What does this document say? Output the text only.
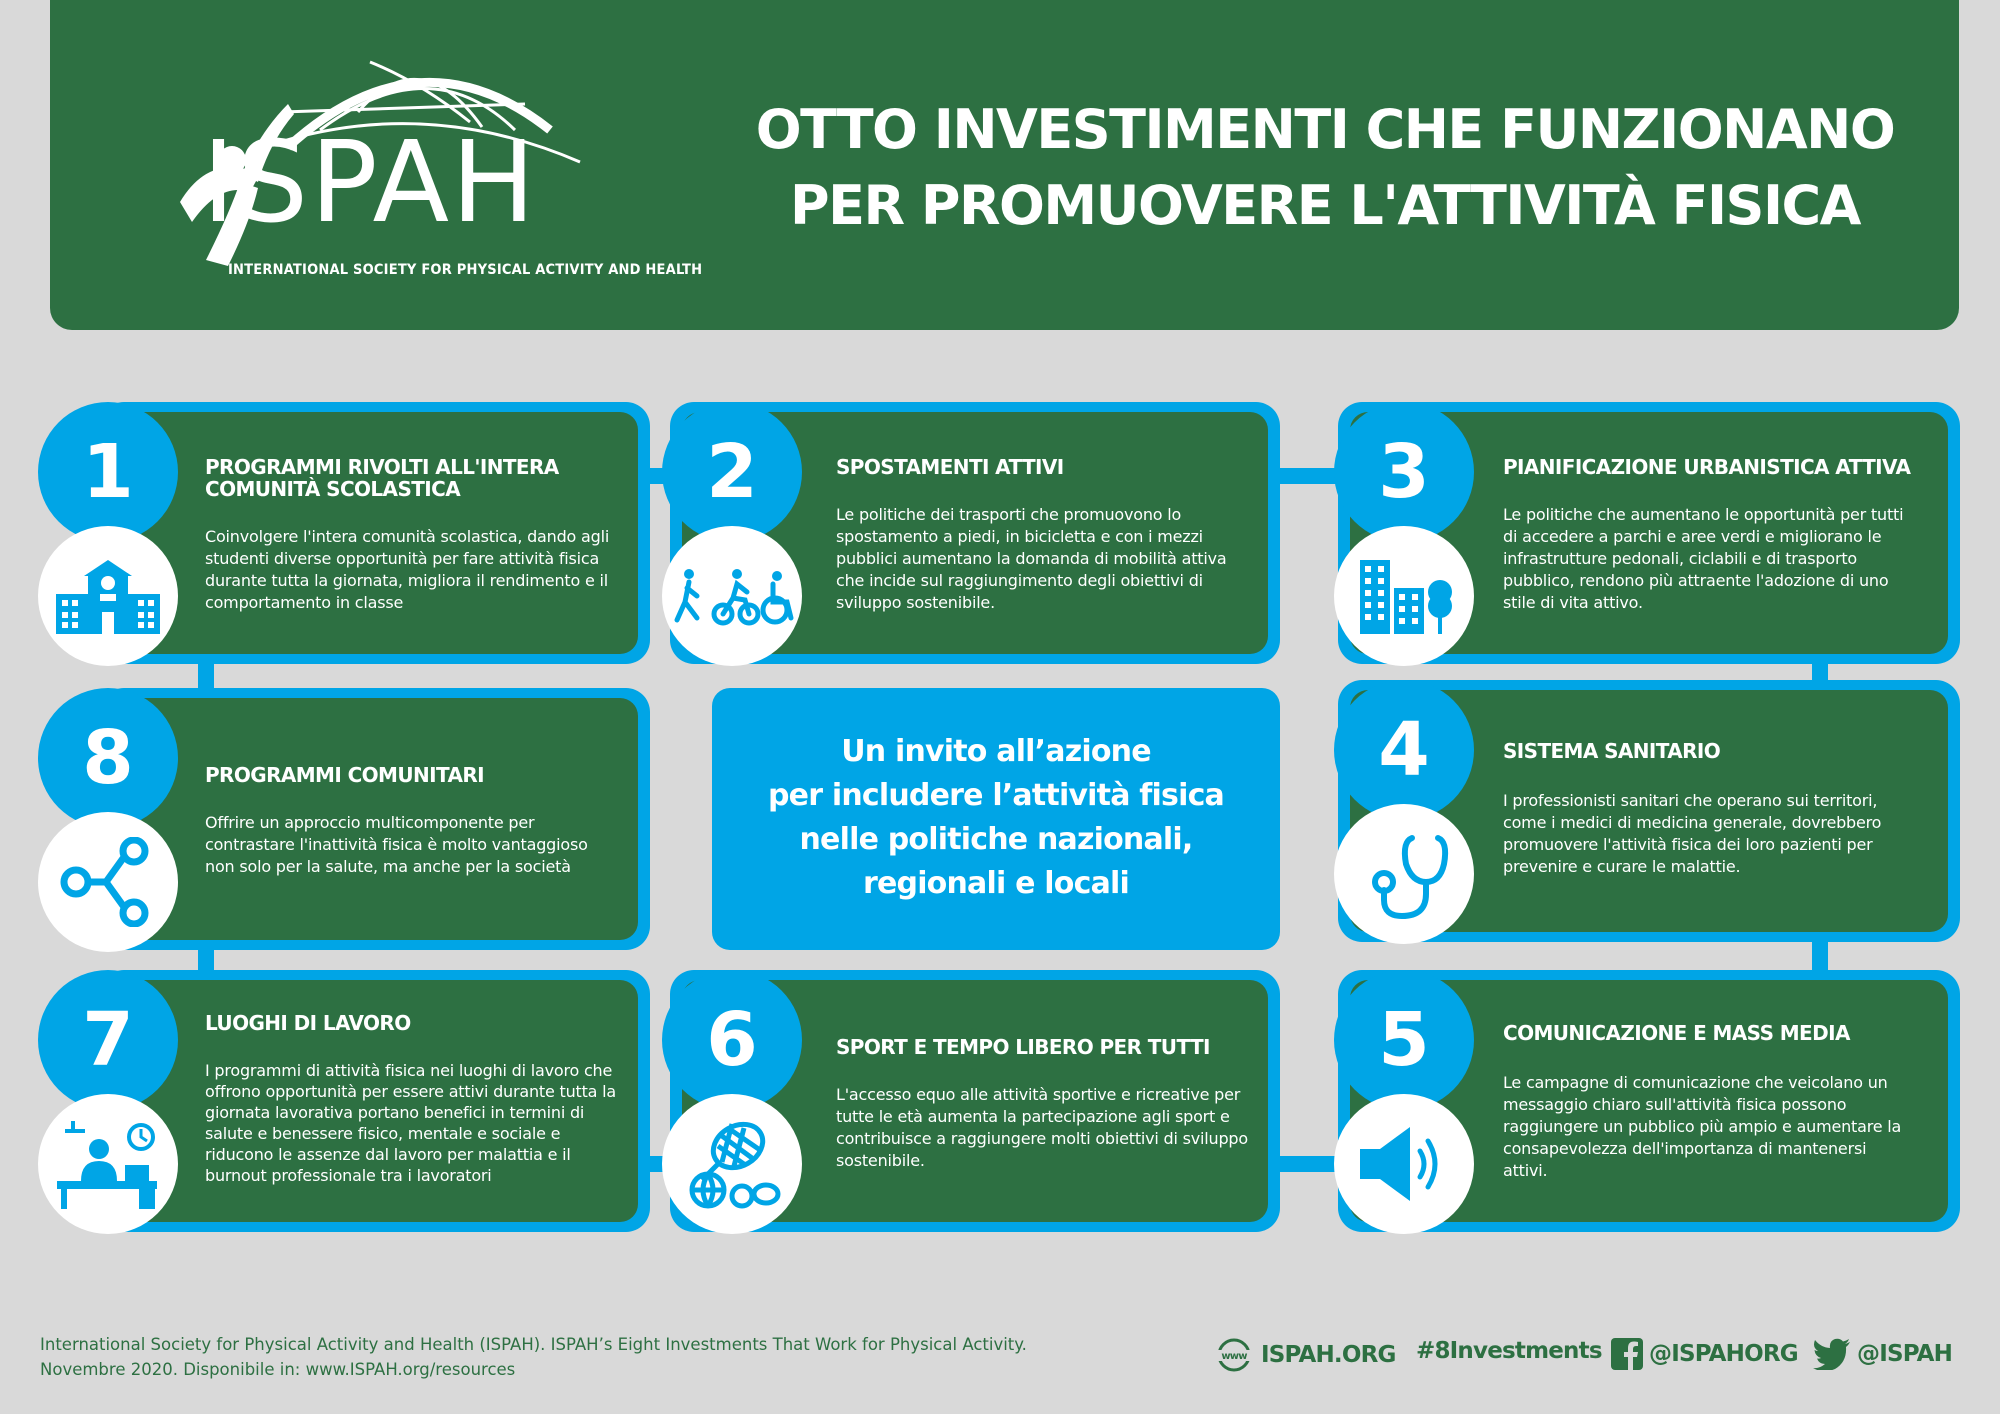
ISPAH
INTERNATIONAL SOCIETY FOR PHYSICAL ACTIVITY AND HEALTH
OTTO INVESTIMENTI CHE FUNZIONANO
PER PROMUOVERE L'ATTIVITÀ FISICA
PROGRAMMI RIVOLTI ALL'INTERA COMUNITÀ SCOLASTICA
Coinvolgere l'intera comunità scolastica, dando agli studenti diverse opportunità per fare attività fisica durante tutta la giornata, migliora il rendimento e il comportamento in classe
1	SPOSTAMENTI ATTIVI
Le politiche dei trasporti che promuovono lo spostamento a piedi, in bicicletta e con i mezzi pubblici aumentano la domanda di mobilità attiva che incide sul raggiungimento degli obiettivi di sviluppo sostenibile.
2	PIANIFICAZIONE URBANISTICA ATTIVA
Le politiche che aumentano le opportunità per tutti di accedere a parchi e aree verdi e migliorano le infrastrutture pedonali, ciclabili e di trasporto pubblico, rendono più attraente l'adozione di uno stile di vita attivo.
3
PROGRAMMI COMUNITARI
Offrire un approccio multicomponente per contrastare l'inattività fisica è molto vantaggioso non solo per la salute, ma anche per la società
8	Un invito all’azione
per includere l’attività fisica
nelle politiche nazionali,
regionali e locali
SISTEMA SANITARIO
I professionisti sanitari che operano sui territori, come i medici di medicina generale, dovrebbero promuovere l'attività fisica dei loro pazienti per prevenire e curare le malattie.
4
LUOGHI DI LAVORO
I programmi di attività fisica nei luoghi di lavoro che offrono opportunità per essere attivi durante tutta la giornata lavorativa portano benefici in termini di salute e benessere fisico, mentale e sociale e riducono le assenze dal lavoro per malattia e il burnout professionale tra i lavoratori
7	SPORT E TEMPO LIBERO PER TUTTI
L'accesso equo alle attività sportive e ricreative per tutte le età aumenta la partecipazione agli sport e contribuisce a raggiungere molti obiettivi di sviluppo sostenibile.
6	COMUNICAZIONE E MASS MEDIA
Le campagne di comunicazione che veicolano un messaggio chiaro sull'attività fisica possono raggiungere un pubblico più ampio e aumentare la consapevolezza dell'importanza di mantenersi attivi.
5
International Society for Physical Activity and Health (ISPAH). ISPAH’s Eight Investments That Work for Physical Activity.
Novembre 2020. Disponibile in: www.ISPAH.org/resources
www ISPAH.ORG #8Investments @ISPAHORG	@ISPAH
